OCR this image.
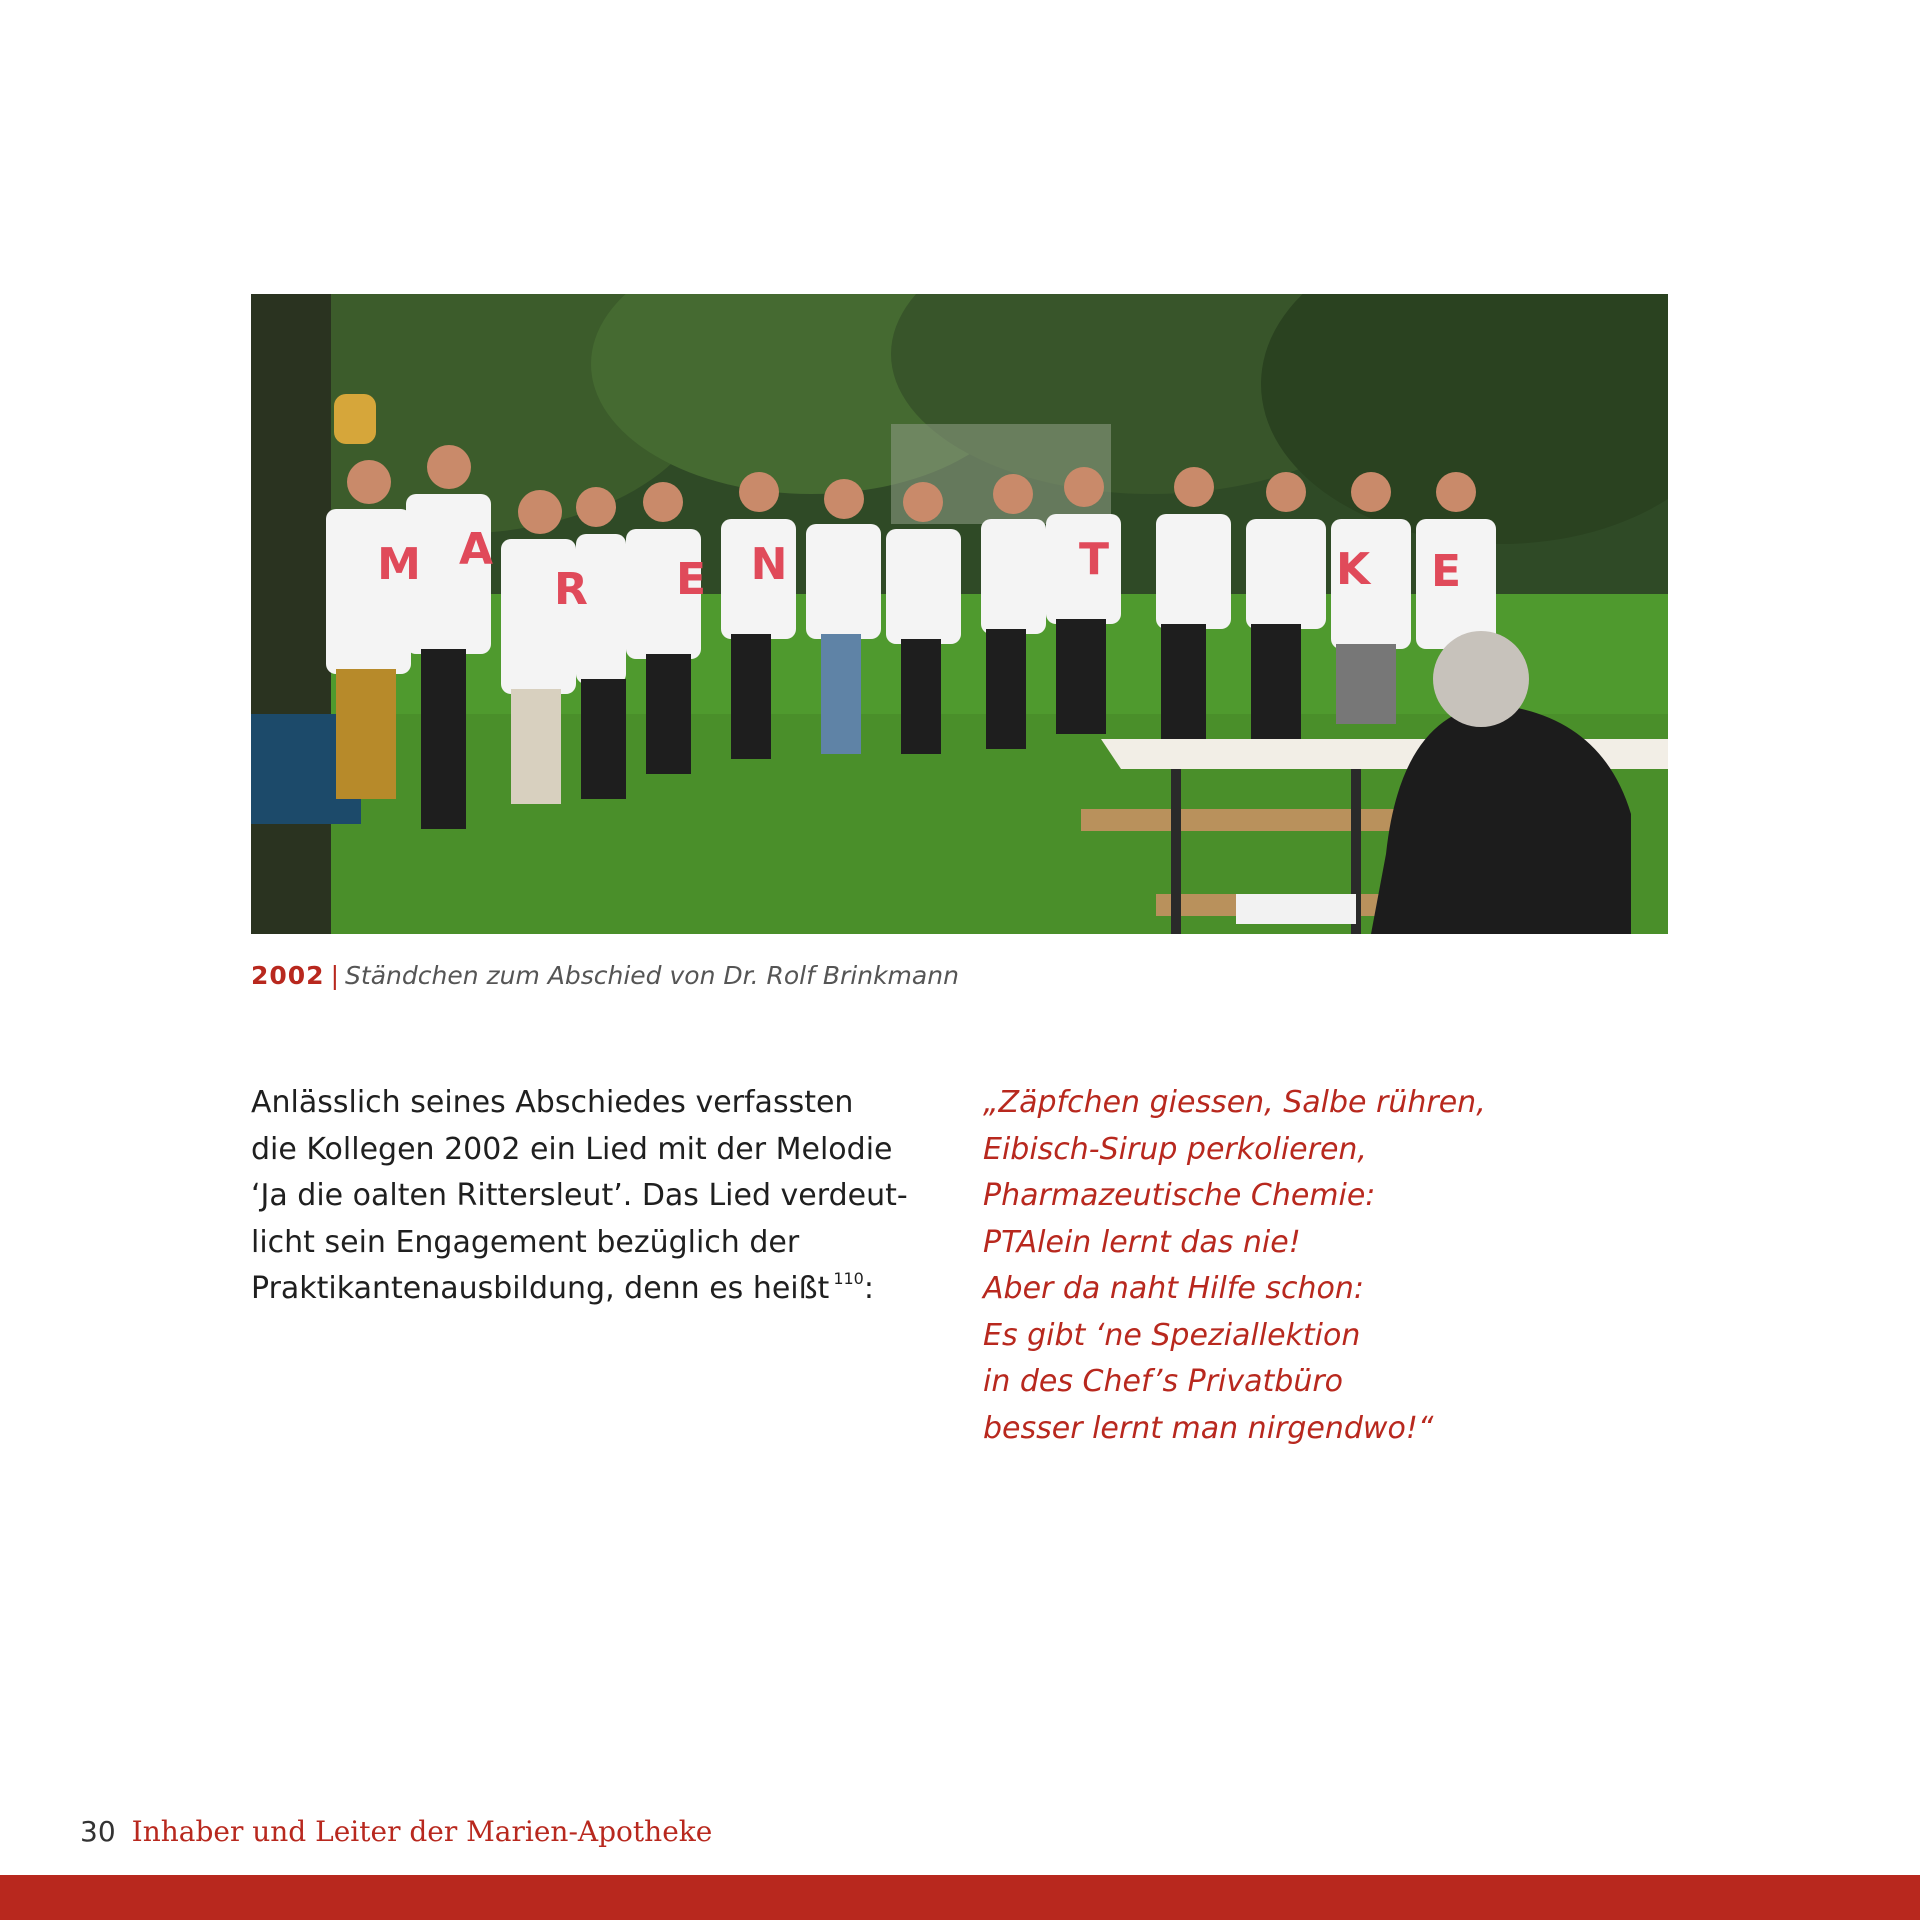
M A
R E N	T	K E
2002 | Ständchen zum Abschied von Dr. Rolf Brinkmann
Anlässlich seines Abschiedes verfassten
die Kollegen 2002 ein Lied mit der Melodie
‘Ja die oalten Rittersleut’. Das Lied verdeut-
licht sein Engagement bezüglich der
Praktikantenausbildung, denn es heißt $^{110}$:
„Zäpfchen giessen, Salbe rühren,
Eibisch-Sirup perkolieren,
Pharmazeutische Chemie:
PTAlein lernt das nie!
Aber da naht Hilfe schon:
Es gibt ‘ne Speziallektion
in des Chef’s Privatbüro
besser lernt man nirgendwo!“
30 Inhaber und Leiter der Marien-Apotheke
